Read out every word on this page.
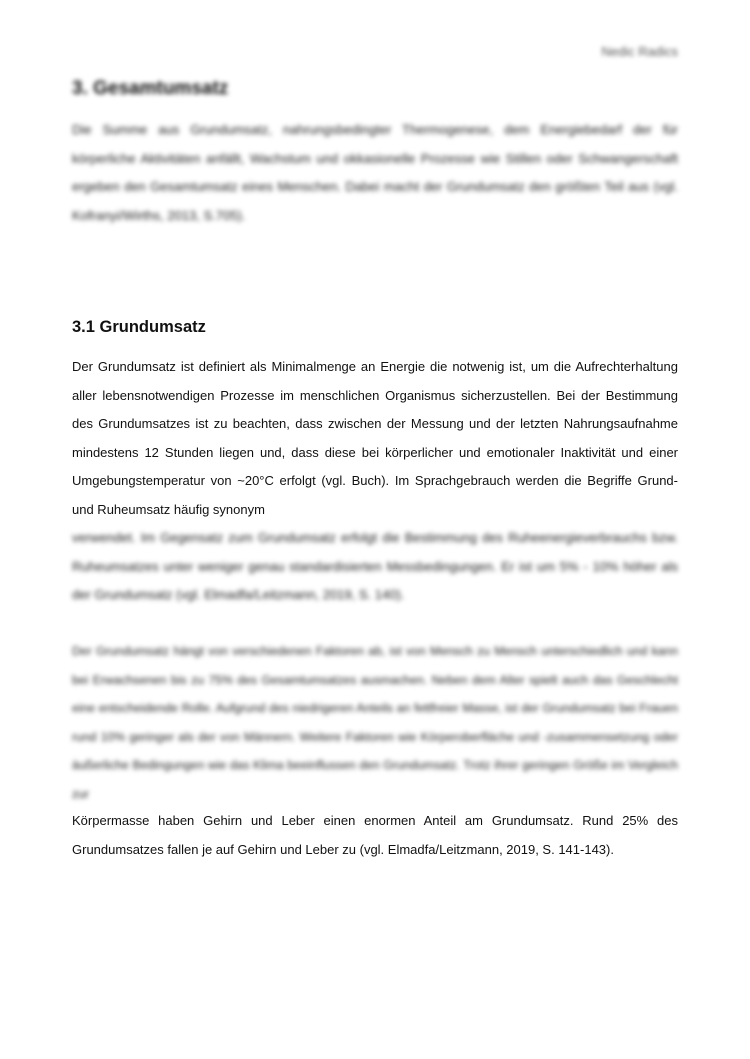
Nedic Radics
3. Gesamtumsatz

Die Summe aus Grundumsatz, nahrungsbedingter Thermogenese, dem Energiebedarf der für körperliche Aktivitäten anfällt, Wachstum und okkasionelle Prozesse wie Stillen oder Schwangerschaft ergeben den Gesamtumsatz eines Menschen. Dabei macht der Grundumsatz den größten Teil aus (vgl. Kofranyi/Wirths, 2013, S.705).

3.1 Grundumsatz

Der Grundumsatz ist definiert als Minimalmenge an Energie die notwenig ist, um die Aufrechterhaltung aller lebensnotwendigen Prozesse im menschlichen Organismus sicherzustellen. Bei der Bestimmung des Grundumsatzes ist zu beachten, dass zwischen der Messung und der letzten Nahrungsaufnahme mindestens 12 Stunden liegen und, dass diese bei körperlicher und emotionaler Inaktivität und einer Umgebungstemperatur von ~20°C erfolgt (vgl. Buch). Im Sprachgebrauch werden die Begriffe Grund- und Ruheumsatz häufig synonym

verwendet. Im Gegensatz zum Grundumsatz erfolgt die Bestimmung des Ruheenergieverbrauchs bzw. Ruheumsatzes unter weniger genau standardisierten Messbedingungen. Er ist um 5% - 10% höher als der Grundumsatz (vgl. Elmadfa/Leitzmann, 2019, S. 140).

Der Grundumsatz hängt von verschiedenen Faktoren ab, ist von Mensch zu Mensch unterschiedlich und kann bei Erwachsenen bis zu 75% des Gesamtumsatzes ausmachen. Neben dem Alter spielt auch das Geschlecht eine entscheidende Rolle. Aufgrund des niedrigeren Anteils an fettfreier Masse, ist der Grundumsatz bei Frauen rund 10% geringer als der von Männern. Weitere Faktoren wie Körperoberfläche und -zusammensetzung oder äußerliche Bedingungen wie das Klima beeinflussen den Grundumsatz. Trotz ihrer geringen Größe im Vergleich zur

Körpermasse haben Gehirn und Leber einen enormen Anteil am Grundumsatz. Rund 25% des Grundumsatzes fallen je auf Gehirn und Leber zu (vgl. Elmadfa/Leitzmann, 2019, S. 141-143).
